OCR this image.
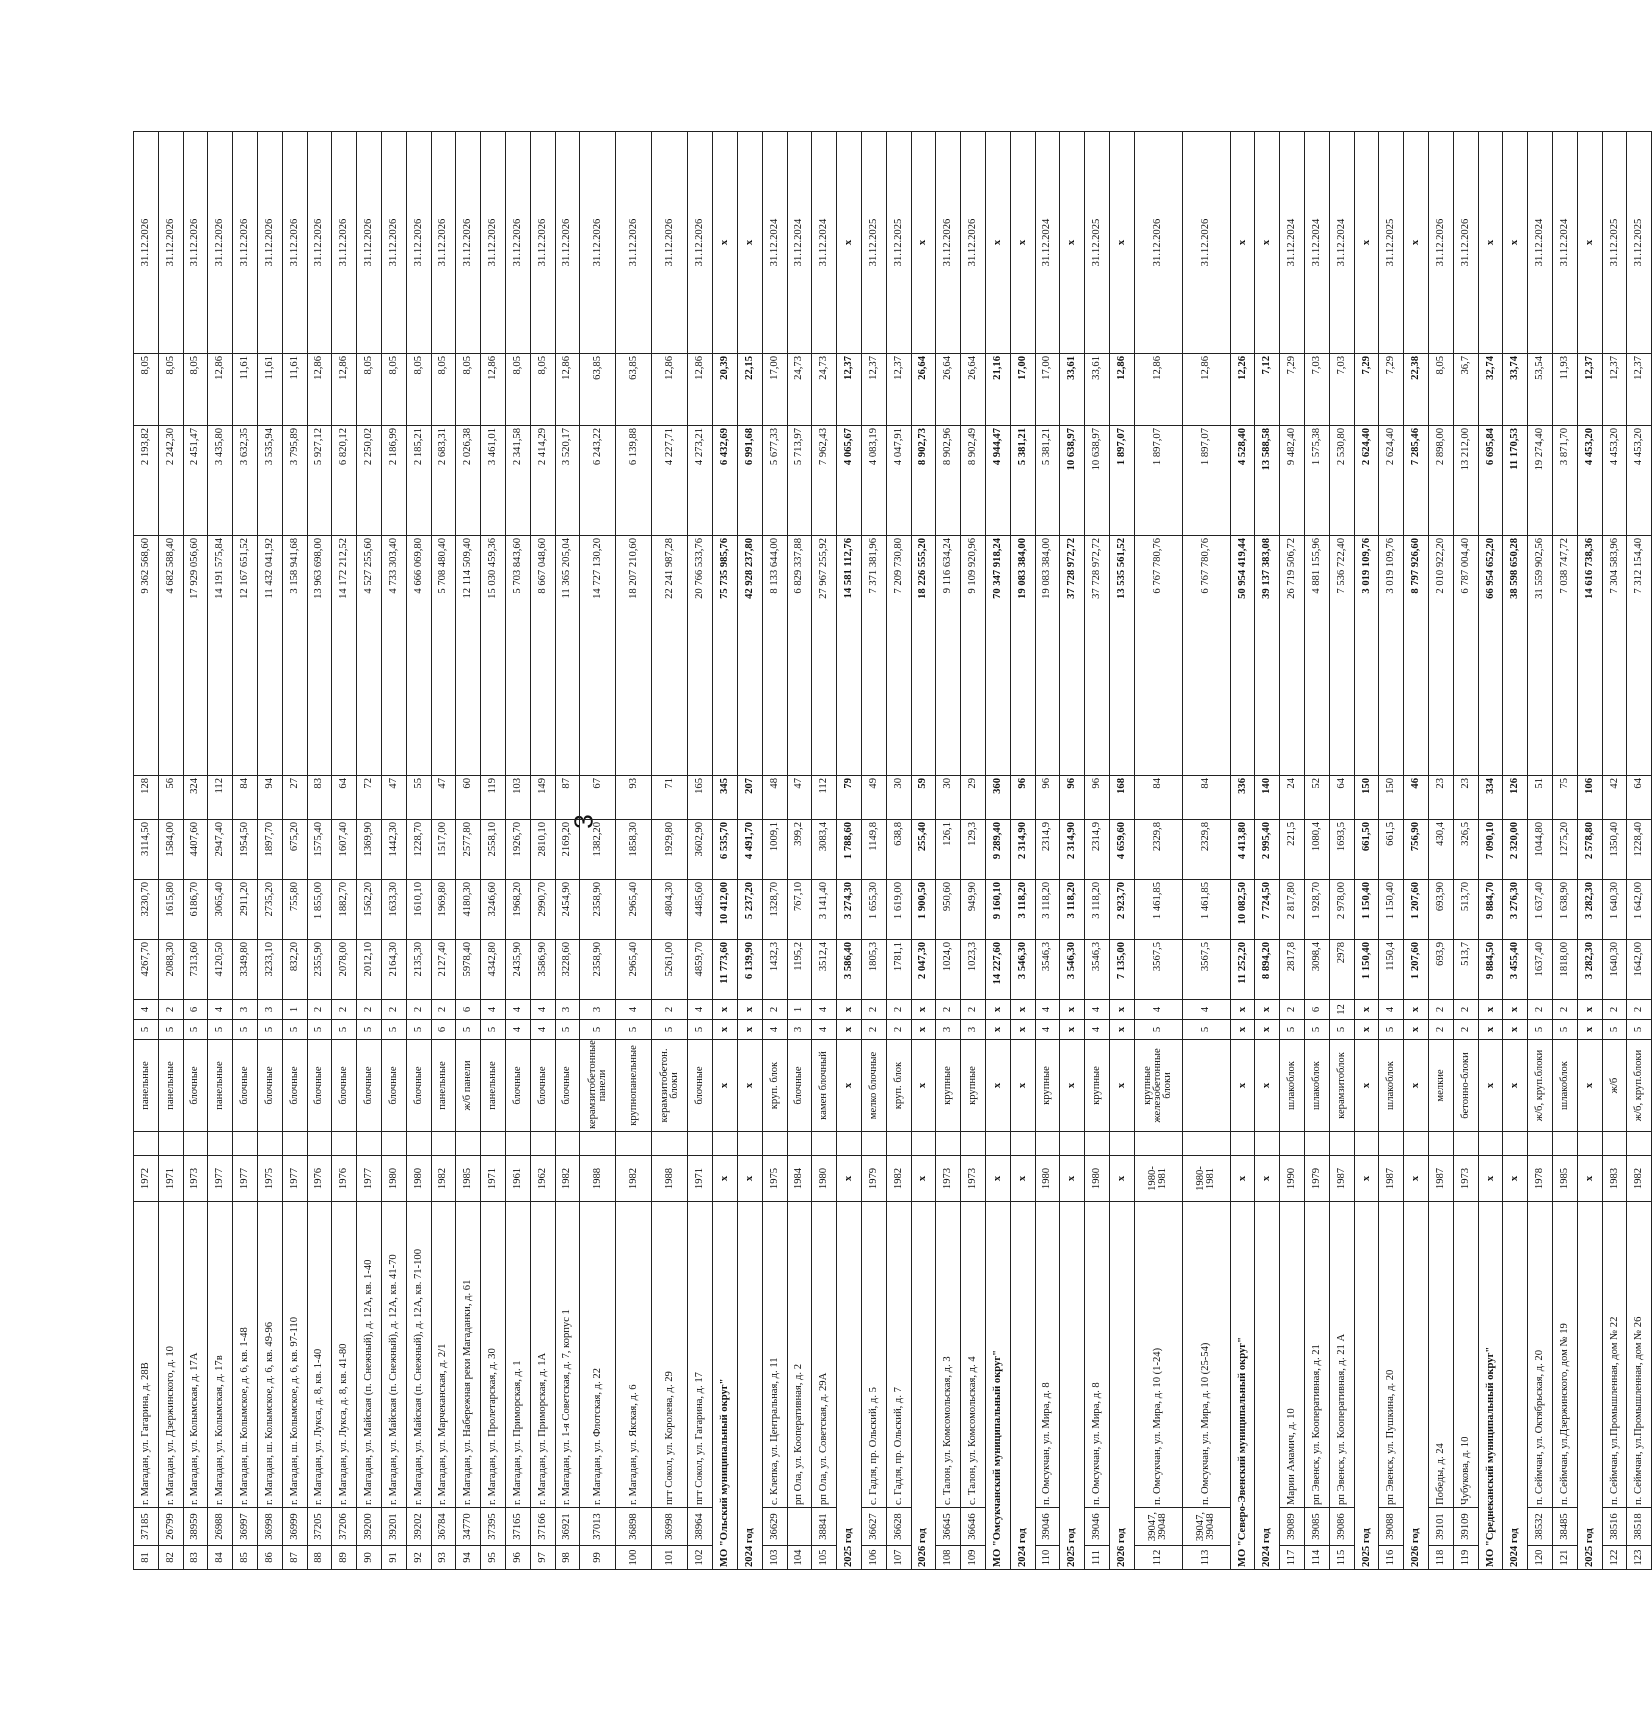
3
81	37185	г. Магадан, ул. Гагарина, д. 28В	1972		панельные	5	4	4267,70	3230,70	3114,50	128	9 362 568,60	2 193,82	8,05	31.12.2026
82	26799	г. Магадан, ул. Дзержинского, д. 10	1971		панельные	5	2	2088,30	1615,80	1584,00	56	4 682 588,40	2 242,30	8,05	31.12.2026
83	38959	г. Магадан, ул. Колымская, д. 17А	1973		блочные	5	6	7313,60	6186,70	4407,60	324	17 929 056,60	2 451,47	8,05	31.12.2026
84	26988	г. Магадан, ул. Колымская, д. 17в	1977		панельные	5	4	4120,50	3065,40	2947,40	112	14 191 575,84	3 435,80	12,86	31.12.2026
85	36997	г. Магадан, ш. Колымское, д. 6, кв. 1-48	1977		блочные	5	3	3349,80	2911,20	1954,50	84	12 167 651,52	3 632,35	11,61	31.12.2026
86	36998	г. Магадан, ш. Колымское, д. 6, кв. 49-96	1975		блочные	5	3	3233,10	2735,20	1897,70	94	11 432 041,92	3 535,94	11,61	31.12.2026
87	36999	г. Магадан, ш. Колымское, д. 6, кв. 97-110	1977		блочные	5	1	832,20	755,80	675,20	27	3 158 941,68	3 795,89	11,61	31.12.2026
88	37205	г. Магадан, ул. Лукса, д. 8, кв. 1-40	1976		блочные	5	2	2355,90	1 855,00	1575,40	83	13 963 698,00	5 927,12	12,86	31.12.2026
89	37206	г. Магадан, ул. Лукса, д. 8, кв. 41-80	1976		блочные	5	2	2078,00	1882,70	1607,40	64	14 172 212,52	6 820,12	12,86	31.12.2026
90	39200	г. Магадан, ул. Майская (п. Снежный), д. 12А, кв. 1-40	1977		блочные	5	2	2012,10	1562,20	1369,90	72	4 527 255,60	2 250,02	8,05	31.12.2026
91	39201	г. Магадан, ул. Майская (п. Снежный), д. 12А, кв. 41-70	1980		блочные	5	2	2164,30	1633,30	1442,30	47	4 733 303,40	2 186,99	8,05	31.12.2026
92	39202	г. Магадан, ул. Майская (п. Снежный), д. 12А, кв. 71-100	1980		блочные	5	2	2135,30	1610,10	1228,70	55	4 666 069,80	2 185,21	8,05	31.12.2026
93	36784	г. Магадан, ул. Марчеканская, д. 2/1	1982		панельные	6	2	2127,40	1969,80	1517,00	47	5 708 480,40	2 683,31	8,05	31.12.2026
94	34770	г. Магадан, ул. Набережная реки Магаданки, д. 61	1985		ж/б панели	5	6	5978,40	4180,30	2577,80	60	12 114 509,40	2 026,38	8,05	31.12.2026
95	37395	г. Магадан, ул. Пролетарская, д. 30	1971		панельные	5	4	4342,80	3246,60	2558,10	119	15 030 459,36	3 461,01	12,86	31.12.2026
96	37165	г. Магадан, ул. Приморская, д. 1	1961		блочные	4	4	2435,90	1968,20	1926,70	103	5 703 843,60	2 341,58	8,05	31.12.2026
97	37166	г. Магадан, ул. Приморская, д. 1А	1962		блочные	4	4	3586,90	2990,70	2810,10	149	8 667 048,60	2 414,29	8,05	31.12.2026
98	36921	г. Магадан, ул. 1-я Советская, д. 7, корпус 1	1982		блочные	5	3	3228,60	2454,90	2169,20	87	11 365 205,04	3 520,17	12,86	31.12.2026
99	37013	г. Магадан, ул. Флотская, д. 22	1988		керамзитобетонные панели	5	3	2358,90	2358,90	1382,20	67	14 727 130,20	6 243,22	63,85	31.12.2026
100	36898	г. Магадан, ул. Якская, д. 6	1982		крупнопанельные	5	4	2965,40	2965,40	1858,30	93	18 207 210,60	6 139,88	63,85	31.12.2026
101	36998	пгт Сокол, ул. Королева, д. 29	1988		керамзитобетон. блоки	5	2	5261,00	4804,30	1929,80	71	22 241 987,28	4 227,71	12,86	31.12.2026
102	38964	пгт Сокол, ул. Гагарина, д. 17	1971		блочные	5	4	4859,70	4485,60	3602,90	165	20 766 533,76	4 273,21	12,86	31.12.2026
МО "Ольский муниципальный округ"			x		x	x	x	11 773,60	10 412,00	6 535,70	345	75 735 985,76	6 432,69	20,39	x
2024 год			x		x	x	x	6 139,90	5 237,20	4 491,70	207	42 928 237,80	6 991,68	22,15	x
103	36629	с. Клепка, ул. Центральная, д. 11	1975		круп. блок	4	2	1432,3	1328,70	1009,1	48	8 133 644,00	5 677,33	17,00	31.12.2024
104		рп Ола, ул. Кооперативная, д. 2	1984		блочные	3	1	1195,2	767,10	399,2	47	6 829 337,88	5 713,97	24,73	31.12.2024
105	38841	рп Ола, ул. Советская, д. 29А	1980		камен блочный	4	4	3512,4	3 141,40	3083,4	112	27 967 255,92	7 962,43	24,73	31.12.2024
2025 год			x		x	x	x	3 586,40	3 274,30	1 788,60	79	14 581 112,76	4 065,67	12,37	x
106	36627	с. Гадля, пр. Ольский, д. 5	1979		мелко блочные	2	2	1805,3	1 655,30	1149,8	49	7 371 381,96	4 083,19	12,37	31.12.2025
107	36628	с. Гадля, пр. Ольский, д. 7	1982		круп. блок	2	2	1781,1	1 619,00	638,8	30	7 209 730,80	4 047,91	12,37	31.12.2025
2026 год			x		x	x	x	2 047,30	1 900,50	255,40	59	18 226 555,20	8 902,73	26,64	x
108	36645	с. Талон, ул. Комсомольская, д. 3	1973		крупные	3	2	1024,0	950,60	126,1	30	9 116 634,24	8 902,96	26,64	31.12.2026
109	36646	с. Талон, ул. Комсомольская, д. 4	1973		крупные	3	2	1023,3	949,90	129,3	29	9 109 920,96	8 902,49	26,64	31.12.2026
МО "Омсукчанский муниципальный округ"			x		x	x	x	14 227,60	9 160,10	9 289,40	360	70 347 918,24	4 944,47	21,16	x
2024 год			x		x	x	x	3 546,30	3 118,20	2 314,90	96	19 083 384,00	5 381,21	17,00	x
110	39046	п. Омсукчан, ул. Мира, д. 8	1980		крупные	4	4	3546,3	3 118,20	2314,9	96	19 083 384,00	5 381,21	17,00	31.12.2024
2025 год			x		x	x	x	3 546,30	3 118,20	2 314,90	96	37 728 972,72	10 638,97	33,61	x
111	39046	п. Омсукчан, ул. Мира, д. 8	1980		крупные	4	4	3546,3	3 118,20	2314,9	96	37 728 972,72	10 638,97	33,61	31.12.2025
2026 год			x		x	x	x	7 135,00	2 923,70	4 659,60	168	13 535 561,52	1 897,07	12,86	x
112	39047, 39048	п. Омсукчан, ул. Мира, д. 10 (1-24)	1980-1981		крупные железобетонные блоки	5	4	3567,5	1 461,85	2329,8	84	6 767 780,76	1 897,07	12,86	31.12.2026
113	39047, 39048	п. Омсукчан, ул. Мира, д. 10 (25-54)	1980-1981			5	4	3567,5	1 461,85	2329,8	84	6 767 780,76	1 897,07	12,86	31.12.2026
МО "Северо-Эвенский муниципальный округ"			x		x	x	x	11 252,20	10 082,50	4 413,80	336	50 954 419,44	4 528,40	12,26	x
2024 год			x		x	x	x	8 894,20	7 724,50	2 995,40	140	39 137 383,08	13 588,58	7,12	x
117	39089	Марии Амамич, д. 10	1990		шлакоблок	5	2	2817,8	2 817,80	221,5	24	26 719 506,72	9 482,40	7,29	31.12.2024
114	39085	рп Эвенск, ул. Кооперативная, д. 21	1979		шлакоблок	5	6	3098,4	1 928,70	1080,4	52	4 881 155,96	1 575,38	7,03	31.12.2024
115	39086	рп Эвенск, ул. Кооперативная, д. 21 А	1987		керамзитоблок	5	12	2978	2 978,00	1693,5	64	7 536 722,40	2 530,80	7,03	31.12.2024
2025 год			x		x	x	x	1 150,40	1 150,40	661,50	150	3 019 109,76	2 624,40	7,29	x
116	39088	рп Эвенск, ул. Пушкина, д. 20	1987		шлакоблок	5	4	1150,4	1 150,40	661,5	150	3 019 109,76	2 624,40	7,29	31.12.2025
2026 год			x		x	x	x	1 207,60	1 207,60	756,90	46	8 797 926,60	7 285,46	22,38	x
118	39101	Победы, д. 24	1987		мелкие	2	2	693,9	693,90	430,4	23	2 010 922,20	2 898,00	8,05	31.12.2026
119	39109	Чубукова, д. 10	1973		бетонно-блоки	2	2	513,7	513,70	326,5	23	6 787 004,40	13 212,00	36,7	31.12.2026
МО "Среднеканский муниципальный округ"			x		x	x	x	9 884,50	9 884,70	7 090,10	334	66 954 652,20	6 695,84	32,74	x
2024 год			x		x	x	x	3 455,40	3 276,30	2 320,00	126	38 598 650,28	11 170,53	33,74	x
120	38532	п. Сеймчан, ул. Октябрьская, д. 20	1978		ж/б, круп.блоки	5	2	1637,40	1 637,40	1044,80	51	31 559 902,56	19 274,40	53,54	31.12.2024
121	38485	п. Сеймчан, ул.Дзержинского, дом № 19	1985		шлакоблок	5	2	1818,00	1 638,90	1275,20	75	7 038 747,72	3 871,70	11,93	31.12.2024
2025 год			x		x	x	x	3 282,30	3 282,30	2 578,80	106	14 616 738,36	4 453,20	12,37	x
122	38516	п. Сеймчан, ул.Промышленная, дом № 22	1983		ж/б	5	2	1640,30	1 640,30	1350,40	42	7 304 583,96	4 453,20	12,37	31.12.2025
123	38518	п. Сеймчан, ул.Промышленная, дом № 26	1982		ж/б, круп.блоки	5	2	1642,00	1 642,00	1228,40	64	7 312 154,40	4 453,20	12,37	31.12.2025
